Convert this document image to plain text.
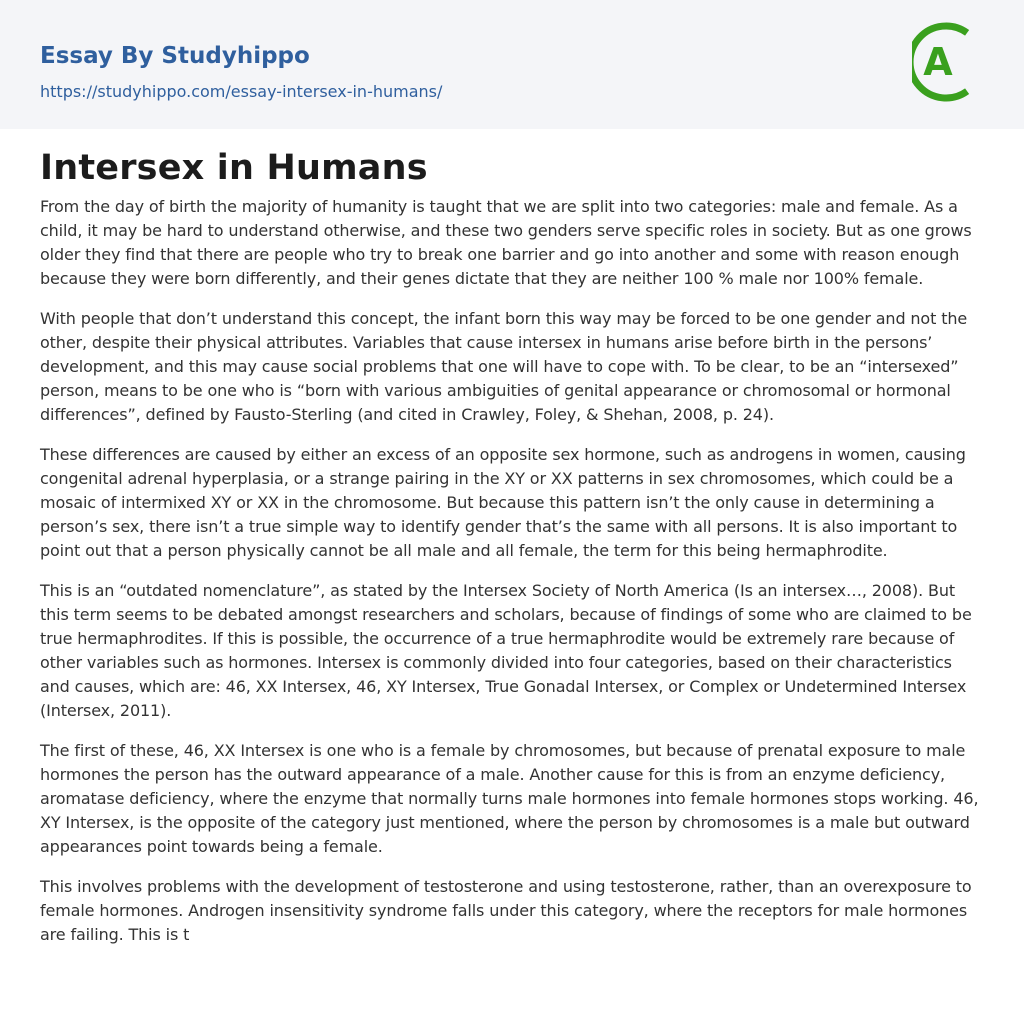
Essay By Studyhippo
https://studyhippo.com/essay-intersex-in-humans/
A
Intersex in Humans

From the day of birth the majority of humanity is taught that we are split into two categories: male and female. As a child, it may be hard to understand otherwise, and these two genders serve specific roles in society. But as one grows older they find that there are people who try to break one barrier and go into another and some with reason enough because they were born differently, and their genes dictate that they are neither 100 % male nor 100% female.

With people that don’t understand this concept, the infant born this way may be forced to be one gender and not the other, despite their physical attributes. Variables that cause intersex in humans arise before birth in the persons’ development, and this may cause social problems that one will have to cope with. To be clear, to be an “intersexed” person, means to be one who is “born with various ambiguities of genital appearance or chromosomal or hormonal differences”, defined by Fausto-Sterling (and cited in Crawley, Foley, & Shehan, 2008, p. 24).

These differences are caused by either an excess of an opposite sex hormone, such as androgens in women, causing congenital adrenal hyperplasia, or a strange pairing in the XY or XX patterns in sex chromosomes, which could be a mosaic of intermixed XY or XX in the chromosome. But because this pattern isn’t the only cause in determining a person’s sex, there isn’t a true simple way to identify gender that’s the same with all persons. It is also important to point out that a person physically cannot be all male and all female, the term for this being hermaphrodite.

This is an “outdated nomenclature”, as stated by the Intersex Society of North America (Is an intersex…, 2008). But this term seems to be debated amongst researchers and scholars, because of findings of some who are claimed to be true hermaphrodites. If this is possible, the occurrence of a true hermaphrodite would be extremely rare because of other variables such as hormones. Intersex is commonly divided into four categories, based on their characteristics and causes, which are: 46, XX Intersex, 46, XY Intersex, True Gonadal Intersex, or Complex or Undetermined Intersex (Intersex, 2011).

The first of these, 46, XX Intersex is one who is a female by chromosomes, but because of prenatal exposure to male hormones the person has the outward appearance of a male. Another cause for this is from an enzyme deficiency, aromatase deficiency, where the enzyme that normally turns male hormones into female hormones stops working. 46, XY Intersex, is the opposite of the category just mentioned, where the person by chromosomes is a male but outward appearances point towards being a female.

This involves problems with the development of testosterone and using testosterone, rather, than an overexposure to female hormones. Androgen insensitivity syndrome falls under this category, where the receptors for male hormones are failing. This is t
